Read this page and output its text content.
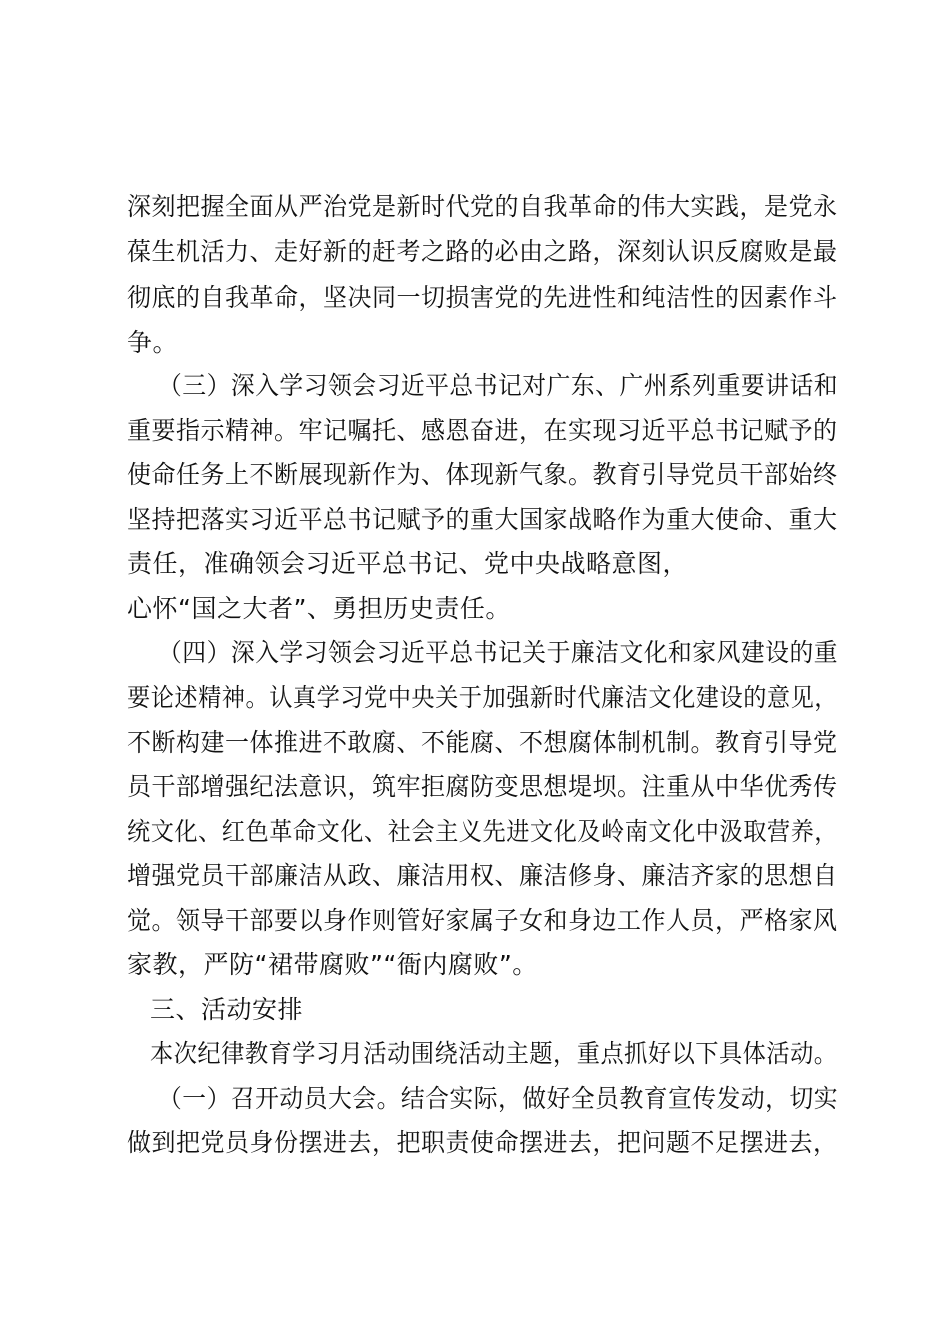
深刻把握全面从严治党是新时代党的自我革命的伟大实践，是党永
葆生机活力、走好新的赶考之路的必由之路，深刻认识反腐败是最
彻底的自我革命，坚决同一切损害党的先进性和纯洁性的因素作斗
争。
（三）深入学习领会习近平总书记对广东、广州系列重要讲话和
重要指示精神。牢记嘱托、感恩奋进，在实现习近平总书记赋予的
使命任务上不断展现新作为、体现新气象。教育引导党员干部始终
坚持把落实习近平总书记赋予的重大国家战略作为重大使命、重大
责任，准确领会习近平总书记、党中央战略意图，
心怀“国之大者”、勇担历史责任。
（四）深入学习领会习近平总书记关于廉洁文化和家风建设的重
要论述精神。认真学习党中央关于加强新时代廉洁文化建设的意见，
不断构建一体推进不敢腐、不能腐、不想腐体制机制。教育引导党
员干部增强纪法意识，筑牢拒腐防变思想堤坝。注重从中华优秀传
统文化、红色革命文化、社会主义先进文化及岭南文化中汲取营养，
增强党员干部廉洁从政、廉洁用权、廉洁修身、廉洁齐家的思想自
觉。领导干部要以身作则管好家属子女和身边工作人员，严格家风
家教，严防“裙带腐败”“衙内腐败”。
三、活动安排
本次纪律教育学习月活动围绕活动主题，重点抓好以下具体活动。
（一）召开动员大会。结合实际，做好全员教育宣传发动，切实
做到把党员身份摆进去，把职责使命摆进去，把问题不足摆进去，
